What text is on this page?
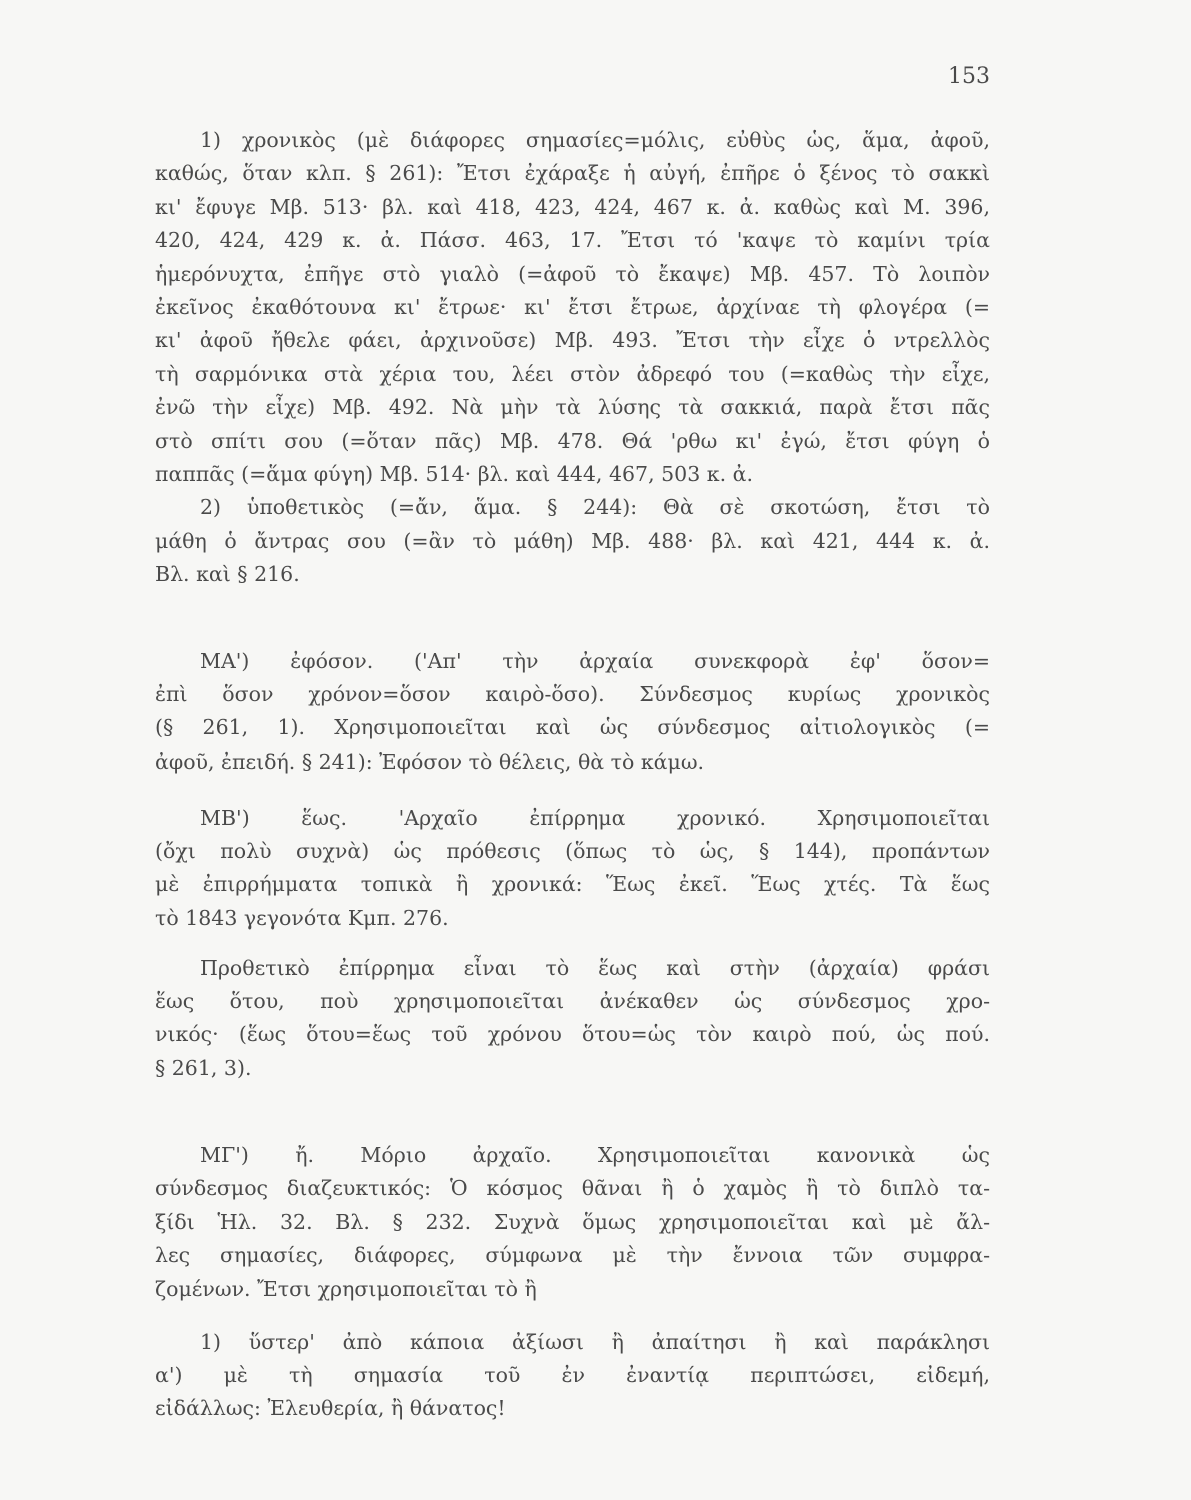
153
1) χρονικὸς (μὲ διάφορες σημασίες=μόλις, εὐθὺς ὡς, ἅμα, ἀφοῦ,
καθώς, ὅταν κλπ. § 261): Ἔτσι ἐχάραξε ἡ αὐγή, ἐπῆρε ὁ ξένος τὸ σακκὶ
κι' ἔφυγε Μβ. 513· βλ. καὶ 418, 423, 424, 467 κ. ἀ. καθὼς καὶ Μ. 396,
420, 424, 429 κ. ἀ. Πάσσ. 463, 17. Ἔτσι τό 'καψε τὸ καμίνι τρία
ἡμερόνυχτα, ἐπῆγε στὸ γιαλὸ (=ἀφοῦ τὸ ἔκαψε) Μβ. 457. Τὸ λοιπὸν
ἐκεῖνος ἐκαθότουνα κι' ἔτρωε· κι' ἔτσι ἔτρωε, ἀρχίναε τὴ φλογέρα (=
κι' ἀφοῦ ἤθελε φάει, ἀρχινοῦσε) Μβ. 493. Ἔτσι τὴν εἶχε ὁ ντρελλὸς
τὴ σαρμόνικα στὰ χέρια του, λέει στὸν ἀδρεφό του (=καθὼς τὴν εἶχε,
ἐνῶ τὴν εἶχε) Μβ. 492. Νὰ μὴν τὰ λύσης τὰ σακκιά, παρὰ ἔτσι πᾶς
στὸ σπίτι σου (=ὅταν πᾶς) Μβ. 478. Θά 'ρθω κι' ἐγώ, ἔτσι φύγη ὁ
παππᾶς (=ἅμα φύγη) Μβ. 514· βλ. καὶ 444, 467, 503 κ. ἀ.
2) ὑποθετικὸς (=ἄν, ἅμα. § 244): Θὰ σὲ σκοτώση, ἔτσι τὸ
μάθη ὁ ἄντρας σου (=ἂν τὸ μάθη) Μβ. 488· βλ. καὶ 421, 444 κ. ἀ.
Βλ. καὶ § 216.
ΜΑ') ἐφόσον. ('Απ' τὴν ἀρχαία συνεκφορὰ ἐφ' ὅσον=
ἐπὶ ὅσον χρόνον=ὅσον καιρὸ-ὅσο). Σύνδεσμος κυρίως χρονικὸς
(§ 261, 1). Χρησιμοποιεῖται καὶ ὡς σύνδεσμος αἰτιολογικὸς (=
ἀφοῦ, ἐπειδή. § 241): Ἐφόσον τὸ θέλεις, θὰ τὸ κάμω.
ΜΒ') ἕως. 'Αρχαῖο ἐπίρρημα χρονικό. Χρησιμοποιεῖται
(ὄχι πολὺ συχνὰ) ὡς πρόθεσις (ὅπως τὸ ὡς, § 144), προπάντων
μὲ ἐπιρρήμματα τοπικὰ ἢ χρονικά: Ἕως ἐκεῖ. Ἕως χτές. Τὰ ἕως
τὸ 1843 γεγονότα Κμπ. 276.
Προθετικὸ ἐπίρρημα εἶναι τὸ ἕως καὶ στὴν (ἀρχαία) φράσι
ἕως ὅτου, ποὺ χρησιμοποιεῖται ἀνέκαθεν ὡς σύνδεσμος χρο-
νικός· (ἕως ὅτου=ἕως τοῦ χρόνου ὅτου=ὡς τὸν καιρὸ πού, ὡς πού.
§ 261, 3).
ΜΓ') ἤ. Μόριο ἀρχαῖο. Χρησιμοποιεῖται κανονικὰ ὡς
σύνδεσμος διαζευκτικός: Ὁ κόσμος θᾶναι ἢ ὁ χαμὸς ἢ τὸ διπλὸ τα-
ξίδι Ἡλ. 32. Βλ. § 232. Συχνὰ ὅμως χρησιμοποιεῖται καὶ μὲ ἄλ-
λες σημασίες, διάφορες, σύμφωνα μὲ τὴν ἔννοια τῶν συμφρα-
ζομένων. Ἔτσι χρησιμοποιεῖται τὸ ἢ
1) ὕστερ' ἀπὸ κάποια ἀξίωσι ἢ ἀπαίτησι ἢ καὶ παράκλησι
α') μὲ τὴ σημασία τοῦ ἐν ἐναντίᾳ περιπτώσει, εἰδεμή,
εἰδάλλως: Ἐλευθερία, ἢ θάνατος!
